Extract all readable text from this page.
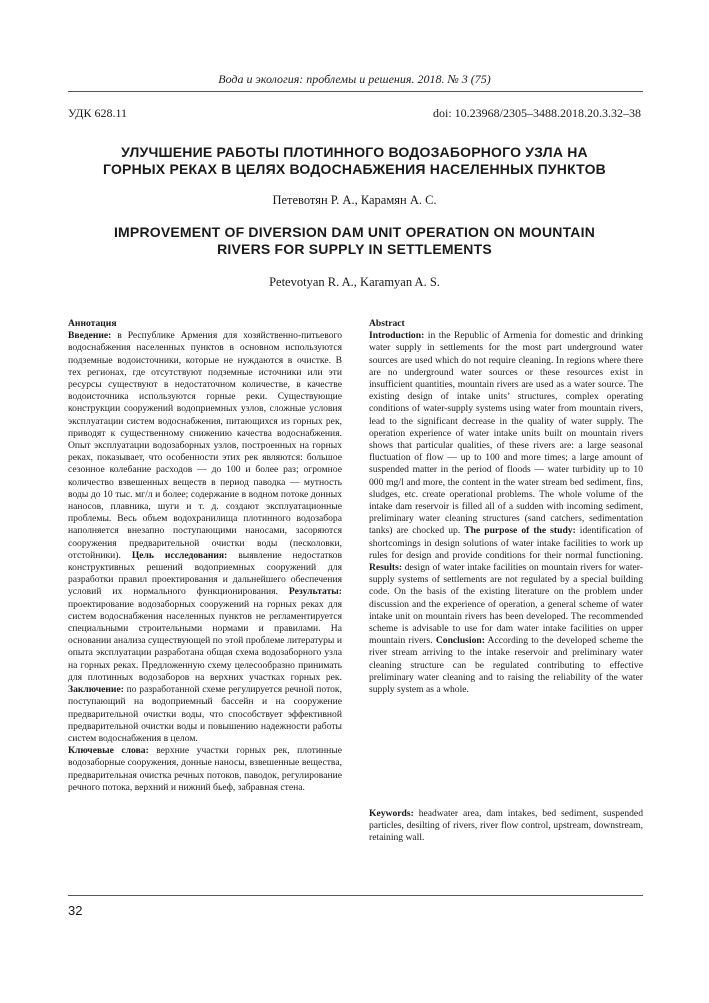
Вода и экология: проблемы и решения. 2018. № 3 (75)
УДК 628.11	doi: 10.23968/2305–3488.2018.20.3.32–38
УЛУЧШЕНИЕ РАБОТЫ ПЛОТИННОГО ВОДОЗАБОРНОГО УЗЛА НА ГОРНЫХ РЕКАХ В ЦЕЛЯХ ВОДОСНАБЖЕНИЯ НАСЕЛЕННЫХ ПУНКТОВ
Петевотян Р. А., Карамян А. С.
IMPROVEMENT OF DIVERSION DAM UNIT OPERATION ON MOUNTAIN RIVERS FOR SUPPLY IN SETTLEMENTS
Petevotyan R. A., Karamyan A. S.

Аннотация

Введение: в Республике Армения для хозяйственно-питьевого водоснабжения населенных пунктов в основном используются подземные водоисточники, которые не нуждаются в очистке. В тех регионах, где отсутствуют подземные источники или эти ресурсы существуют в недостаточном количестве, в качестве водоисточника используются горные реки. Существующие конструкции сооружений водоприемных узлов, сложные условия эксплуатации систем водоснабжения, питающихся из горных рек, приводят к существенному снижению качества водоснабжения. Опыт эксплуатации водозаборных узлов, построенных на горных реках, показывает, что особенности этих рек являются: большое сезонное колебание расходов — до 100 и более раз; огромное количество взвешенных веществ в период паводка — мутность воды до 10 тыс. мг/л и более; содержание в водном потоке донных наносов, плавника, шуги и т. д. создают эксплуатационные проблемы. Весь объем водохранилища плотинного водозабора наполняется внезапно поступающими наносами, засоряются сооружения предварительной очистки воды (песколовки, отстойники). Цель исследования: выявление недостатков конструктивных решений водоприемных сооружений для разработки правил проектирования и дальнейшего обеспечения условий их нормального функционирования. Результаты: проектирование водозаборных сооружений на горных реках для систем водоснабжения населенных пунктов не регламентируется специальными строительными нормами и правилами. На основании анализа существующей по этой проблеме литературы и опыта эксплуатации разработана общая схема водозаборного узла на горных реках. Предложенную схему целесообразно принимать для плотинных водозаборов на верхних участках горных рек. Заключение: по разработанной схеме регулируется речной поток, поступающий на водоприемный бассейн и на сооружение предварительной очистки воды, что способствует эффективной предварительной очистки воды и повышению надежности работы систем водоснабжения в целом.

Ключевые слова: верхние участки горных рек, плотинные водозаборные сооружения, донные наносы, взвешенные вещества, предварительная очистка речных потоков, паводок, регулирование речного потока, верхний и нижний бьеф, забравная стена.

Abstract

Introduction: in the Republic of Armenia for domestic and drinking water supply in settlements for the most part underground water sources are used which do not require cleaning. In regions where there are no underground water sources or these resources exist in insufficient quantities, mountain rivers are used as a water source. The existing design of intake units’ structures, complex operating conditions of water-supply systems using water from mountain rivers, lead to the significant decrease in the quality of water supply. The operation experience of water intake units built on mountain rivers shows that particular qualities, of these rivers are: a large seasonal fluctuation of flow — up to 100 and more times; a large amount of suspended matter in the period of floods — water turbidity up to 10 000 mg/l and more, the content in the water stream bed sediment, fins, sludges, etc. create operational problems. The whole volume of the intake dam reservoir is filled all of a sudden with incoming sediment, preliminary water cleaning structures (sand catchers, sedimentation tanks) are chocked up. The purpose of the study: identification of shortcomings in design solutions of water intake facilities to work up rules for design and provide conditions for their normal functioning. Results: design of water intake facilities on mountain rivers for water-supply systems of settlements are not regulated by a special building code. On the basis of the existing literature on the problem under discussion and the experience of operation, a general scheme of water intake unit on mountain rivers has been developed. The recommended scheme is advisable to use for dam water intake facilities on upper mountain rivers. Conclusion: According to the developed scheme the river stream arriving to the intake reservoir and preliminary water cleaning structure can be regulated contributing to effective preliminary water cleaning and to raising the reliability of the water supply system as a whole.

Keywords: headwater area, dam intakes, bed sediment, suspended particles, desilting of rivers, river flow control, upstream, downstream, retaining wall.

32
